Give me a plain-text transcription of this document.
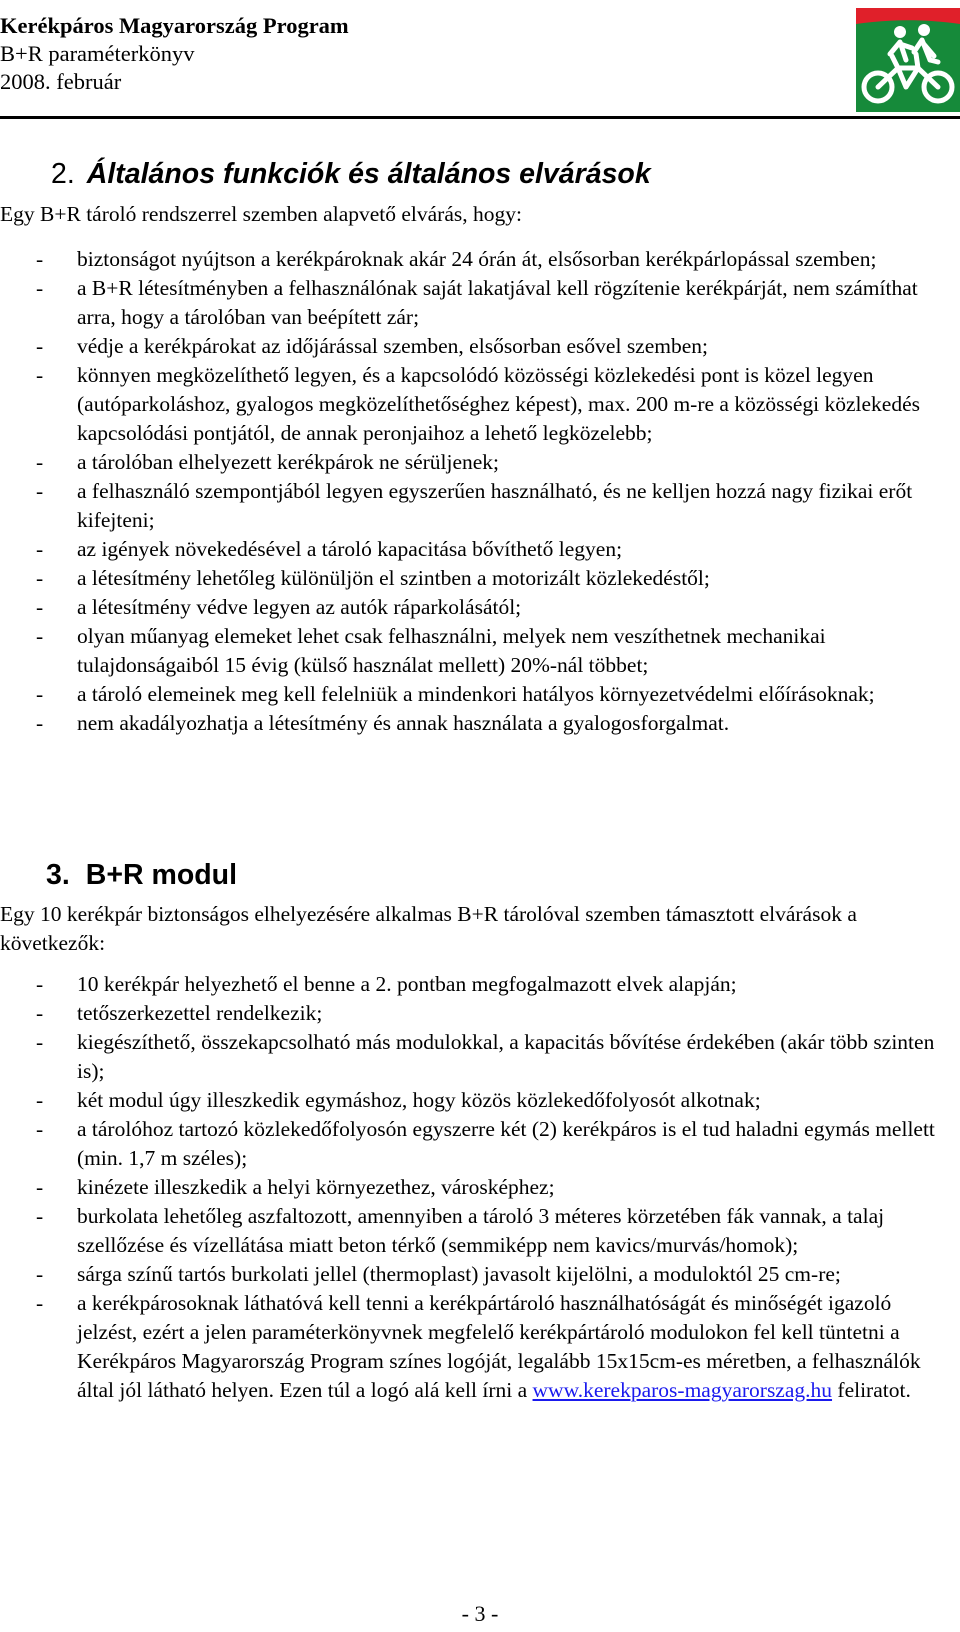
Kerékpáros Magyarország Program
B+R paraméterkönyv
2008. február
2. Általános funkciók és általános elvárások
Egy B+R tároló rendszerrel szemben alapvető elvárás, hogy:
- biztonságot nyújtson a kerékpároknak akár 24 órán át, elsősorban kerékpárlopással szemben;
- a B+R létesítményben a felhasználónak saját lakatjával kell rögzítenie kerékpárját, nem számíthat arra, hogy a tárolóban van beépített zár;
- védje a kerékpárokat az időjárással szemben, elsősorban esővel szemben;
- könnyen megközelíthető legyen, és a kapcsolódó közösségi közlekedési pont is közel legyen (autóparkoláshoz, gyalogos megközelíthetőséghez képest), max. 200 m-re a közösségi közlekedés kapcsolódási pontjától, de annak peronjaihoz a lehető legközelebb;
- a tárolóban elhelyezett kerékpárok ne sérüljenek;
- a felhasználó szempontjából legyen egyszerűen használható, és ne kelljen hozzá nagy fizikai erőt kifejteni;
- az igények növekedésével a tároló kapacitása bővíthető legyen;
- a létesítmény lehetőleg különüljön el szintben a motorizált közlekedéstől;
- a létesítmény védve legyen az autók ráparkolásától;
- olyan műanyag elemeket lehet csak felhasználni, melyek nem veszíthetnek mechanikai tulajdonságaiból 15 évig (külső használat mellett) 20%-nál többet;
- a tároló elemeinek meg kell felelniük a mindenkori hatályos környezetvédelmi előírásoknak;
- nem akadályozhatja a létesítmény és annak használata a gyalogosforgalmat.
3. B+R modul
Egy 10 kerékpár biztonságos elhelyezésére alkalmas B+R tárolóval szemben támasztott elvárások a következők:
- 10 kerékpár helyezhető el benne a 2. pontban megfogalmazott elvek alapján;
- tetőszerkezettel rendelkezik;
- kiegészíthető, összekapcsolható más modulokkal, a kapacitás bővítése érdekében (akár több szinten is);
- két modul úgy illeszkedik egymáshoz, hogy közös közlekedőfolyosót alkotnak;
- a tárolóhoz tartozó közlekedőfolyosón egyszerre két (2) kerékpáros is el tud haladni egymás mellett (min. 1,7 m széles);
- kinézete illeszkedik a helyi környezethez, városképhez;
- burkolata lehetőleg aszfaltozott, amennyiben a tároló 3 méteres körzetében fák vannak, a talaj szellőzése és vízellátása miatt beton térkő (semmiképp nem kavics/murvás/homok);
- sárga színű tartós burkolati jellel (thermoplast) javasolt kijelölni, a moduloktól 25 cm-re;
- a kerékpárosoknak láthatóvá kell tenni a kerékpártároló használhatóságát és minőségét igazoló jelzést, ezért a jelen paraméterkönyvnek megfelelő kerékpártároló modulokon fel kell tüntetni a Kerékpáros Magyarország Program színes logóját, legalább 15x15cm-es méretben, a felhasználók által jól látható helyen. Ezen túl a logó alá kell írni a www.kerekparos-magyarorszag.hu feliratot.
- 3 -
